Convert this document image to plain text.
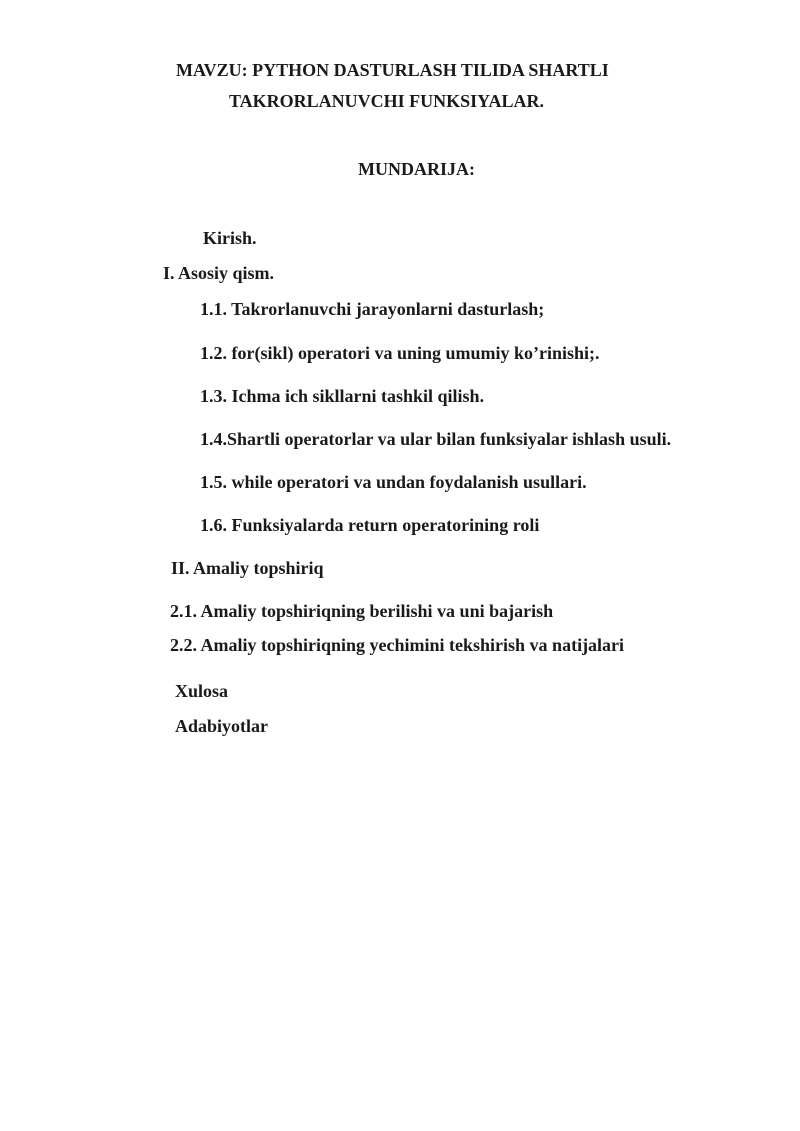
MAVZU: PYTHON DASTURLASH TILIDA SHARTLI
TAKRORLANUVCHI FUNKSIYALAR.
MUNDARIJA:
Kirish.
I. Asosiy qism.
1.1. Takrorlanuvchi jarayonlarni dasturlash;
1.2. for(sikl) operatori va uning umumiy ko’rinishi;.
1.3. Ichma ich sikllarni tashkil qilish.
1.4.Shartli operatorlar va ular bilan funksiyalar ishlash usuli.
1.5. while operatori va undan foydalanish usullari.
1.6. Funksiyalarda return operatorining roli
II. Amaliy topshiriq
2.1. Amaliy topshiriqning berilishi va uni bajarish
2.2. Amaliy topshiriqning yechimini tekshirish va natijalari
Xulosa
Adabiyotlar
